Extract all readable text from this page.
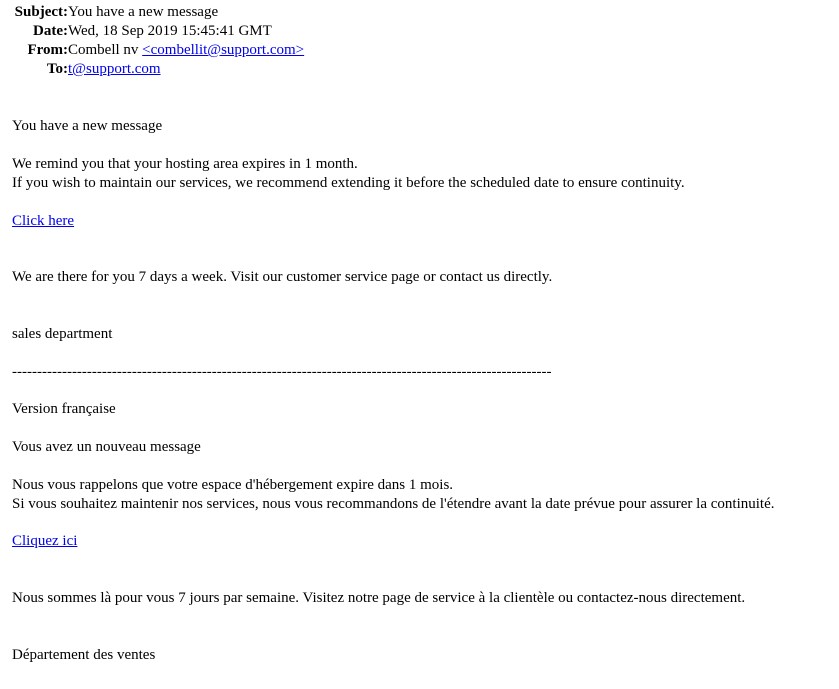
Subject:You have a new message
Date:Wed, 18 Sep 2019 15:45:41 GMT
From:Combell nv <combellit@support.com>
To:t@support.com
You have a new message
We remind you that your hosting area expires in 1 month.
If you wish to maintain our services, we recommend extending it before the scheduled date to ensure continuity.
Click here
We are there for you 7 days a week. Visit our customer service page or contact us directly.
sales department
------------------------------------------------------------------------------------------------------------
Version française
Vous avez un nouveau message
Nous vous rappelons que votre espace d'hébergement expire dans 1 mois.
Si vous souhaitez maintenir nos services, nous vous recommandons de l'étendre avant la date prévue pour assurer la continuité.
Cliquez ici
Nous sommes là pour vous 7 jours par semaine. Visitez notre page de service à la clientèle ou contactez-nous directement.
Département des ventes
